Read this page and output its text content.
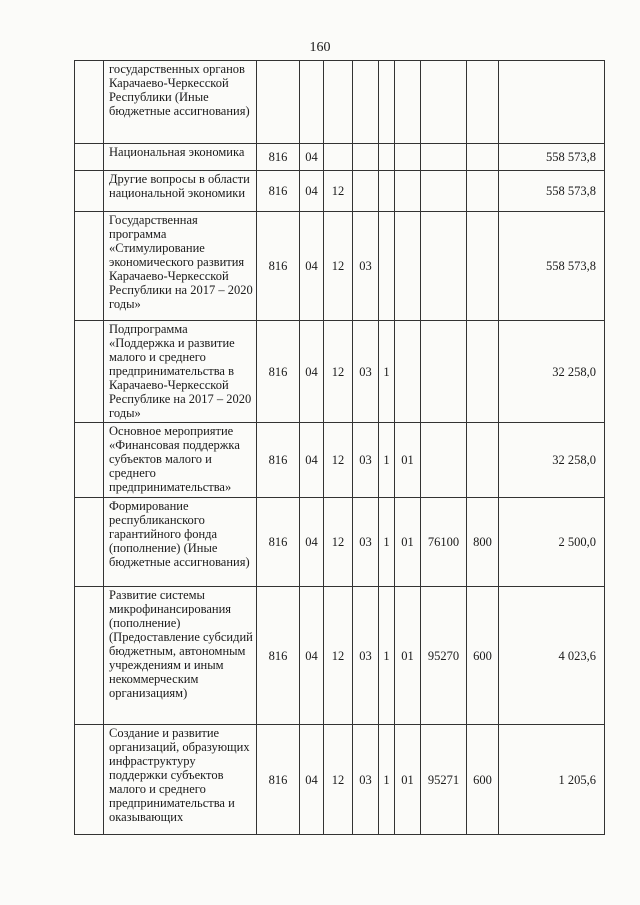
160
	государственных органов Карачаево-Черкесской Республики (Иные бюджетные ассигнования)									
	Национальная экономика	816	04							558 573,8
	Другие вопросы в области национальной экономики	816	04	12						558 573,8
	Государственная программа «Стимулирование экономического развития Карачаево-Черкесской Республики на 2017 – 2020 годы»	816	04	12	03					558 573,8
	Подпрограмма «Поддержка и развитие малого и среднего предпринимательства в Карачаево-Черкесской Республике на 2017 – 2020 годы»	816	04	12	03	1				32 258,0
	Основное мероприятие «Финансовая поддержка субъектов малого и среднего предпринимательства»	816	04	12	03	1	01			32 258,0
	Формирование республиканского гарантийного фонда (пополнение) (Иные бюджетные ассигнования)	816	04	12	03	1	01	76100	800	2 500,0
	Развитие системы микрофинансирования (пополнение) (Предоставление субсидий бюджетным, автономным учреждениям и иным некоммерческим организациям)	816	04	12	03	1	01	95270	600	4 023,6
	Создание и развитие организаций, образующих инфраструктуру поддержки субъектов малого и среднего предпринимательства и оказывающих	816	04	12	03	1	01	95271	600	1 205,6
